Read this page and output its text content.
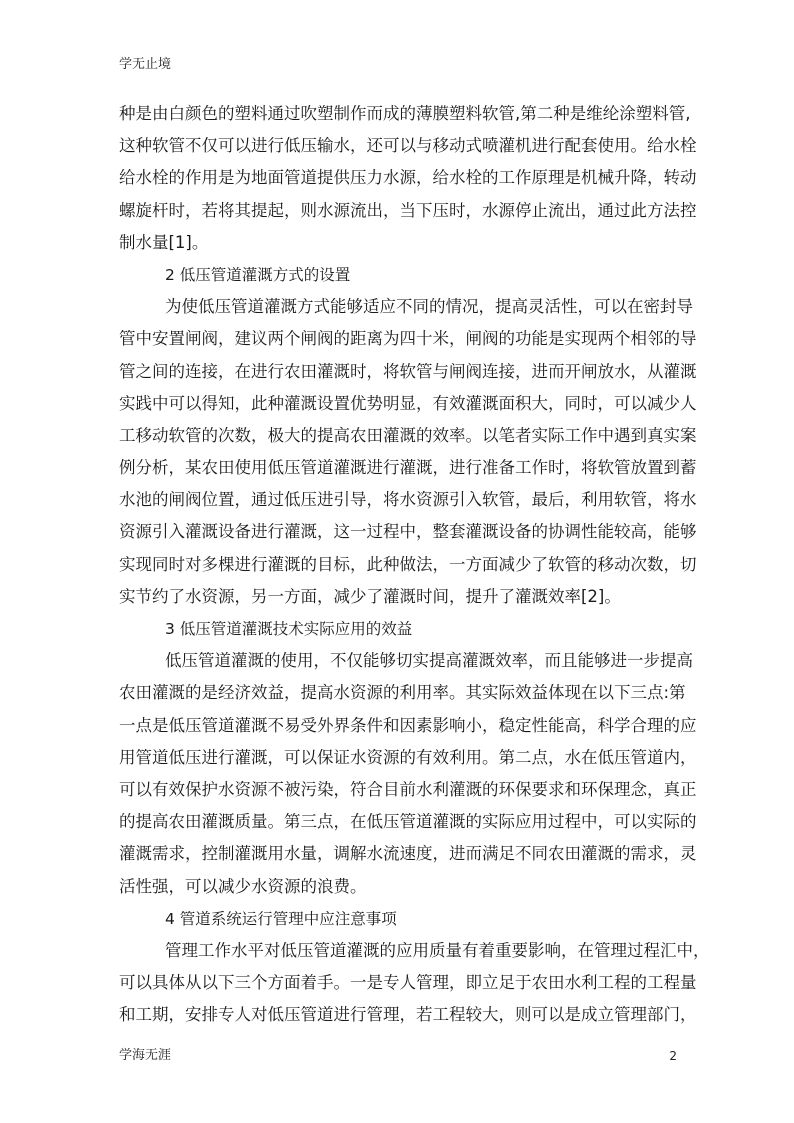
学无止境
种是由白颜色的塑料通过吹塑制作而成的薄膜塑料软管,第二种是维纶涂塑料管,
这种软管不仅可以进行低压输水，还可以与移动式喷灌机进行配套使用。给水栓
给水栓的作用是为地面管道提供压力水源，给水栓的工作原理是机械升降，转动
螺旋杆时，若将其提起，则水源流出，当下压时，水源停止流出，通过此方法控
制水量[1]。
2 低压管道灌溉方式的设置
为使低压管道灌溉方式能够适应不同的情况，提高灵活性，可以在密封导
管中安置闸阀，建议两个闸阀的距离为四十米，闸阀的功能是实现两个相邻的导
管之间的连接，在进行农田灌溉时，将软管与闸阀连接，进而开闸放水，从灌溉
实践中可以得知，此种灌溉设置优势明显，有效灌溉面积大，同时，可以减少人
工移动软管的次数，极大的提高农田灌溉的效率。以笔者实际工作中遇到真实案
例分析，某农田使用低压管道灌溉进行灌溉，进行准备工作时，将软管放置到蓄
水池的闸阀位置，通过低压进引导，将水资源引入软管，最后，利用软管，将水
资源引入灌溉设备进行灌溉，这一过程中，整套灌溉设备的协调性能较高，能够
实现同时对多棵进行灌溉的目标，此种做法，一方面减少了软管的移动次数，切
实节约了水资源，另一方面，减少了灌溉时间，提升了灌溉效率[2]。
3 低压管道灌溉技术实际应用的效益
低压管道灌溉的使用，不仅能够切实提高灌溉效率，而且能够进一步提高
农田灌溉的是经济效益，提高水资源的利用率。其实际效益体现在以下三点:第
一点是低压管道灌溉不易受外界条件和因素影响小，稳定性能高，科学合理的应
用管道低压进行灌溉，可以保证水资源的有效利用。第二点，水在低压管道内，
可以有效保护水资源不被污染，符合目前水利灌溉的环保要求和环保理念，真正
的提高农田灌溉质量。第三点，在低压管道灌溉的实际应用过程中，可以实际的
灌溉需求，控制灌溉用水量，调解水流速度，进而满足不同农田灌溉的需求，灵
活性强，可以减少水资源的浪费。
4 管道系统运行管理中应注意事项
管理工作水平对低压管道灌溉的应用质量有着重要影响，在管理过程汇中，
可以具体从以下三个方面着手。一是专人管理，即立足于农田水利工程的工程量
和工期，安排专人对低压管道进行管理，若工程较大，则可以是成立管理部门，
学海无涯	2
